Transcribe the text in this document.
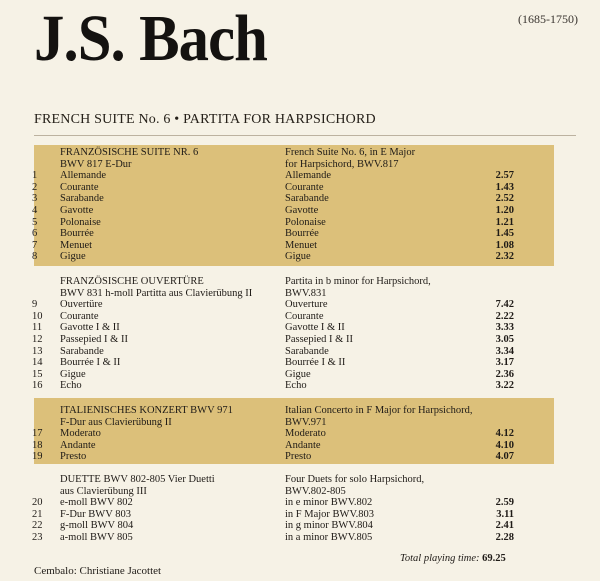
J.S. Bach	(1685-1750)
FRENCH SUITE No. 6 • PARTITA FOR HARPSICHORD
FRANZÖSISCHE SUITE NR. 6	French Suite No. 6, in E Major
BWV 817 E-Dur	for Harpsichord, BWV.817
1	Allemande	Allemande	2.57
2	Courante	Courante	1.43
3	Sarabande	Sarabande	2.52
4	Gavotte	Gavotte	1.20
5	Polonaise	Polonaise	1.21
6	Bourrée	Bourrée	1.45
7	Menuet	Menuet	1.08
8	Gigue	Gigue	2.32
FRANZÖSISCHE OUVERTÜRE	Partita in b minor for Harpsichord,
BWV 831 h-moll Partitta aus Clavierübung II	BWV.831
9	Ouvertüre	Ouverture	7.42
10	Courante	Courante	2.22
11	Gavotte I & II	Gavotte I & II	3.33
12	Passepied I & II	Passepied I & II	3.05
13	Sarabande	Sarabande	3.34
14	Bourrée I & II	Bourrée I & II	3.17
15	Gigue	Gigue	2.36
16	Echo	Echo	3.22
ITALIENISCHES KONZERT BWV 971	Italian Concerto in F Major for Harpsichord,
F-Dur aus Clavierübung II	BWV.971
17	Moderato	Moderato	4.12
18	Andante	Andante	4.10
19	Presto	Presto	4.07
DUETTE BWV 802-805 Vier Duetti	Four Duets for solo Harpsichord,
aus Clavierübung III	BWV.802-805
20	e-moll BWV 802	in e minor BWV.802	2.59
21	F-Dur BWV 803	in F Major BWV.803	3.11
22	g-moll BWV 804	in g minor BWV.804	2.41
23	a-moll BWV 805	in a minor BWV.805	2.28
Total playing time: 69.25
Cembalo: Christiane Jacottet
